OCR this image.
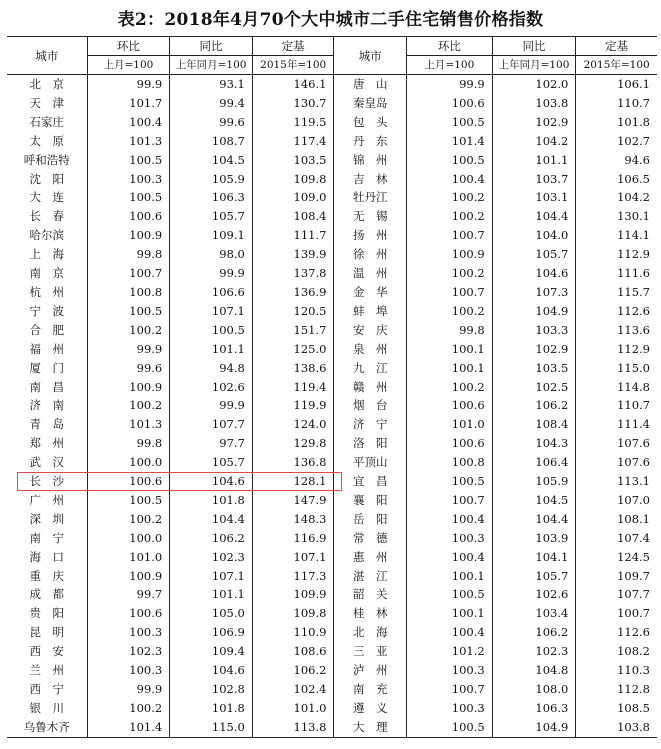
表2：2018年4月70个大中城市二手住宅销售价格指数
城市	环比	同比	定基	城市	环比	同比	定基
	上月=100	上年同月=100	2015年=100		上月=100	上年同月=100	2015年=100
北　京	99.9	93.1	146.1	唐　山	99.9	102.0	106.1
天　津	101.7	99.4	130.7	秦皇岛	100.6	103.8	110.7
石家庄	100.4	99.6	119.5	包　头	100.5	102.9	101.8
太　原	101.3	108.7	117.4	丹　东	101.4	104.2	102.7
呼和浩特	100.5	104.5	103.5	锦　州	100.5	101.1	94.6
沈　阳	100.3	105.9	109.8	吉　林	100.4	103.7	106.5
大　连	100.5	106.3	109.0	牡丹江	100.2	103.1	104.2
长　春	100.6	105.7	108.4	无　锡	100.2	104.4	130.1
哈尔滨	100.9	109.1	111.7	扬　州	100.7	104.0	114.1
上　海	99.8	98.0	139.9	徐　州	100.9	105.7	112.9
南　京	100.7	99.9	137.8	温　州	100.2	104.6	111.6
杭　州	100.8	106.6	136.9	金　华	100.7	107.3	115.7
宁　波	100.5	107.1	120.5	蚌　埠	100.2	104.9	112.6
合　肥	100.2	100.5	151.7	安　庆	99.8	103.3	113.6
福　州	99.9	101.1	125.0	泉　州	100.1	102.9	112.9
厦　门	99.6	94.8	138.6	九　江	100.1	103.5	115.0
南　昌	100.9	102.6	119.4	赣　州	100.2	102.5	114.8
济　南	100.2	99.9	119.9	烟　台	100.6	106.2	110.7
青　岛	101.3	107.7	124.0	济　宁	101.0	108.4	111.4
郑　州	99.8	97.7	129.8	洛　阳	100.6	104.3	107.6
武　汉	100.0	105.7	136.8	平顶山	100.8	106.4	107.6
长　沙	100.6	104.6	128.1	宜　昌	100.5	105.9	113.1
广　州	100.5	101.8	147.9	襄　阳	100.7	104.5	107.0
深　圳	100.2	104.4	148.3	岳　阳	100.4	104.4	108.1
南　宁	100.0	106.2	116.9	常　德	100.3	103.9	107.4
海　口	101.0	102.3	107.1	惠　州	100.4	104.1	124.5
重　庆	100.9	107.1	117.3	湛　江	100.1	105.7	109.7
成　都	99.7	101.1	109.9	韶　关	100.5	102.6	107.7
贵　阳	100.6	105.0	109.8	桂　林	100.1	103.4	100.7
昆　明	100.3	106.9	110.9	北　海	100.4	106.2	112.6
西　安	102.3	109.4	108.6	三　亚	101.2	102.3	108.2
兰　州	100.3	104.6	106.2	泸　州	100.3	104.8	110.3
西　宁	99.9	102.8	102.4	南　充	100.7	108.0	112.8
银　川	100.2	101.8	101.0	遵　义	100.3	106.3	108.5
乌鲁木齐	101.4	115.0	113.8	大　理	100.5	104.9	103.8
